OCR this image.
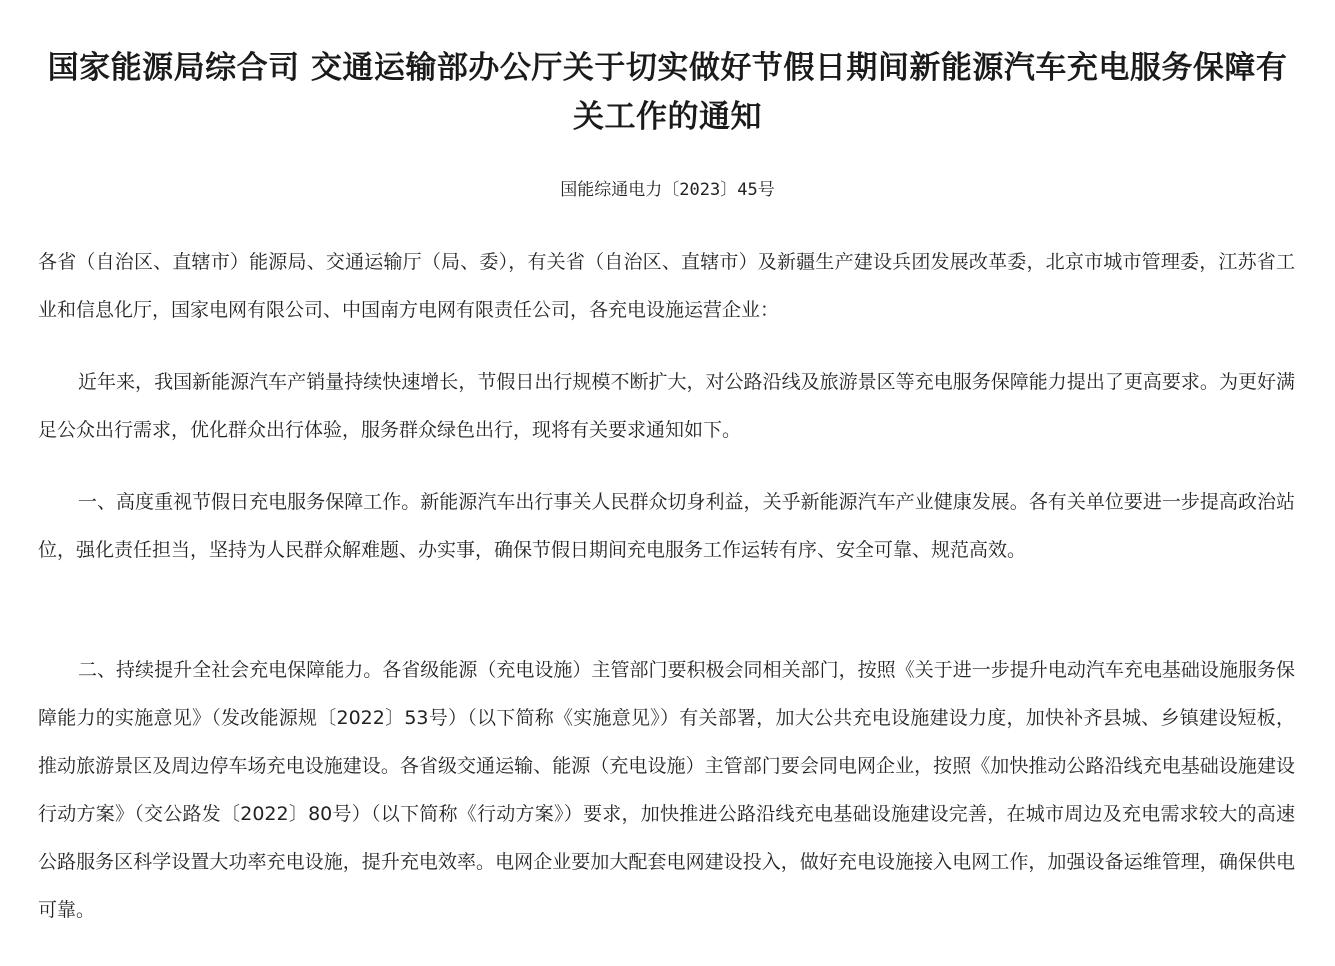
国家能源局综合司 交通运输部办公厅关于切实做好节假日期间新能源汽车充电服务保障有关工作的通知
国能综通电力〔2023〕45号

各省（自治区、直辖市）能源局、交通运输厅（局、委），有关省（自治区、直辖市）及新疆生产建设兵团发展改革委，北京市城市管理委，江苏省工业和信息化厅，国家电网有限公司、中国南方电网有限责任公司，各充电设施运营企业：

近年来，我国新能源汽车产销量持续快速增长，节假日出行规模不断扩大，对公路沿线及旅游景区等充电服务保障能力提出了更高要求。为更好满足公众出行需求，优化群众出行体验，服务群众绿色出行，现将有关要求通知如下。

一、高度重视节假日充电服务保障工作。新能源汽车出行事关人民群众切身利益，关乎新能源汽车产业健康发展。各有关单位要进一步提高政治站位，强化责任担当，坚持为人民群众解难题、办实事，确保节假日期间充电服务工作运转有序、安全可靠、规范高效。

二、持续提升全社会充电保障能力。各省级能源（充电设施）主管部门要积极会同相关部门，按照《关于进一步提升电动汽车充电基础设施服务保障能力的实施意见》（发改能源规〔2022〕53号）（以下简称《实施意见》）有关部署，加大公共充电设施建设力度，加快补齐县城、乡镇建设短板，推动旅游景区及周边停车场充电设施建设。各省级交通运输、能源（充电设施）主管部门要会同电网企业，按照《加快推动公路沿线充电基础设施建设行动方案》（交公路发〔2022〕80号）（以下简称《行动方案》）要求，加快推进公路沿线充电基础设施建设完善，在城市周边及充电需求较大的高速公路服务区科学设置大功率充电设施，提升充电效率。电网企业要加大配套电网建设投入，做好充电设施接入电网工作，加强设备运维管理，确保供电可靠。
